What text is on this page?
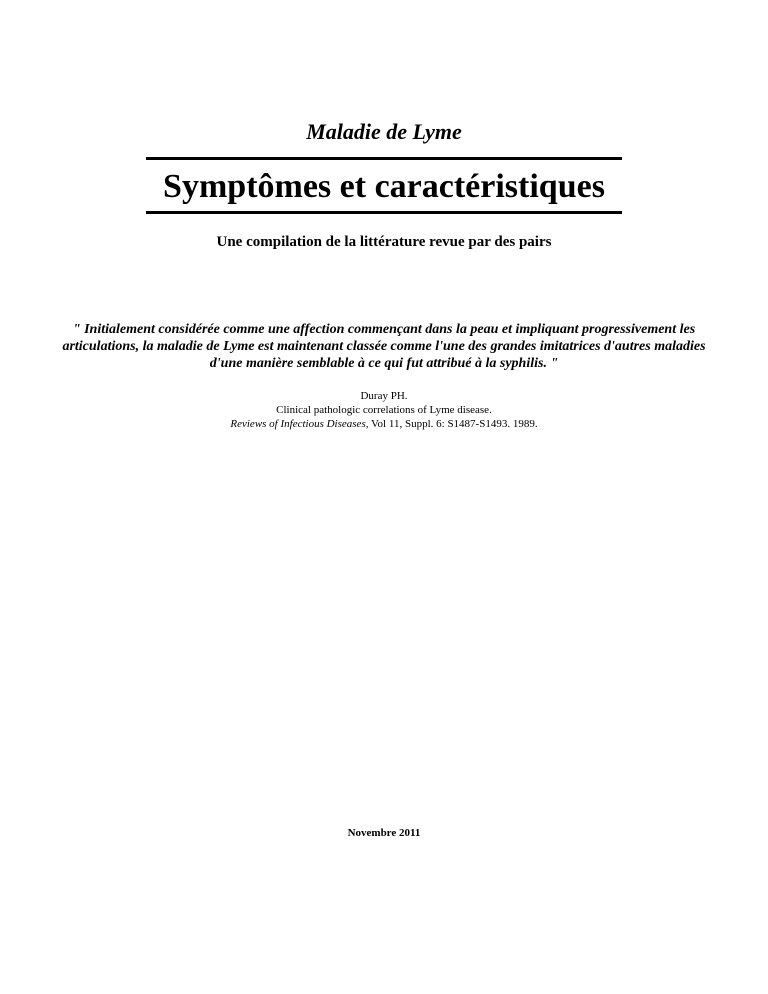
Maladie de Lyme
Symptômes et caractéristiques
Une compilation de la littérature revue par des pairs
" Initialement considérée comme une affection commençant dans la peau et impliquant progressivement les articulations, la maladie de Lyme est maintenant classée comme l'une des grandes imitatrices d'autres maladies d'une manière semblable à ce qui fut attribué à la syphilis. "
Duray PH.
Clinical pathologic correlations of Lyme disease.
Reviews of Infectious Diseases, Vol 11, Suppl. 6: S1487-S1493. 1989.
Novembre 2011
